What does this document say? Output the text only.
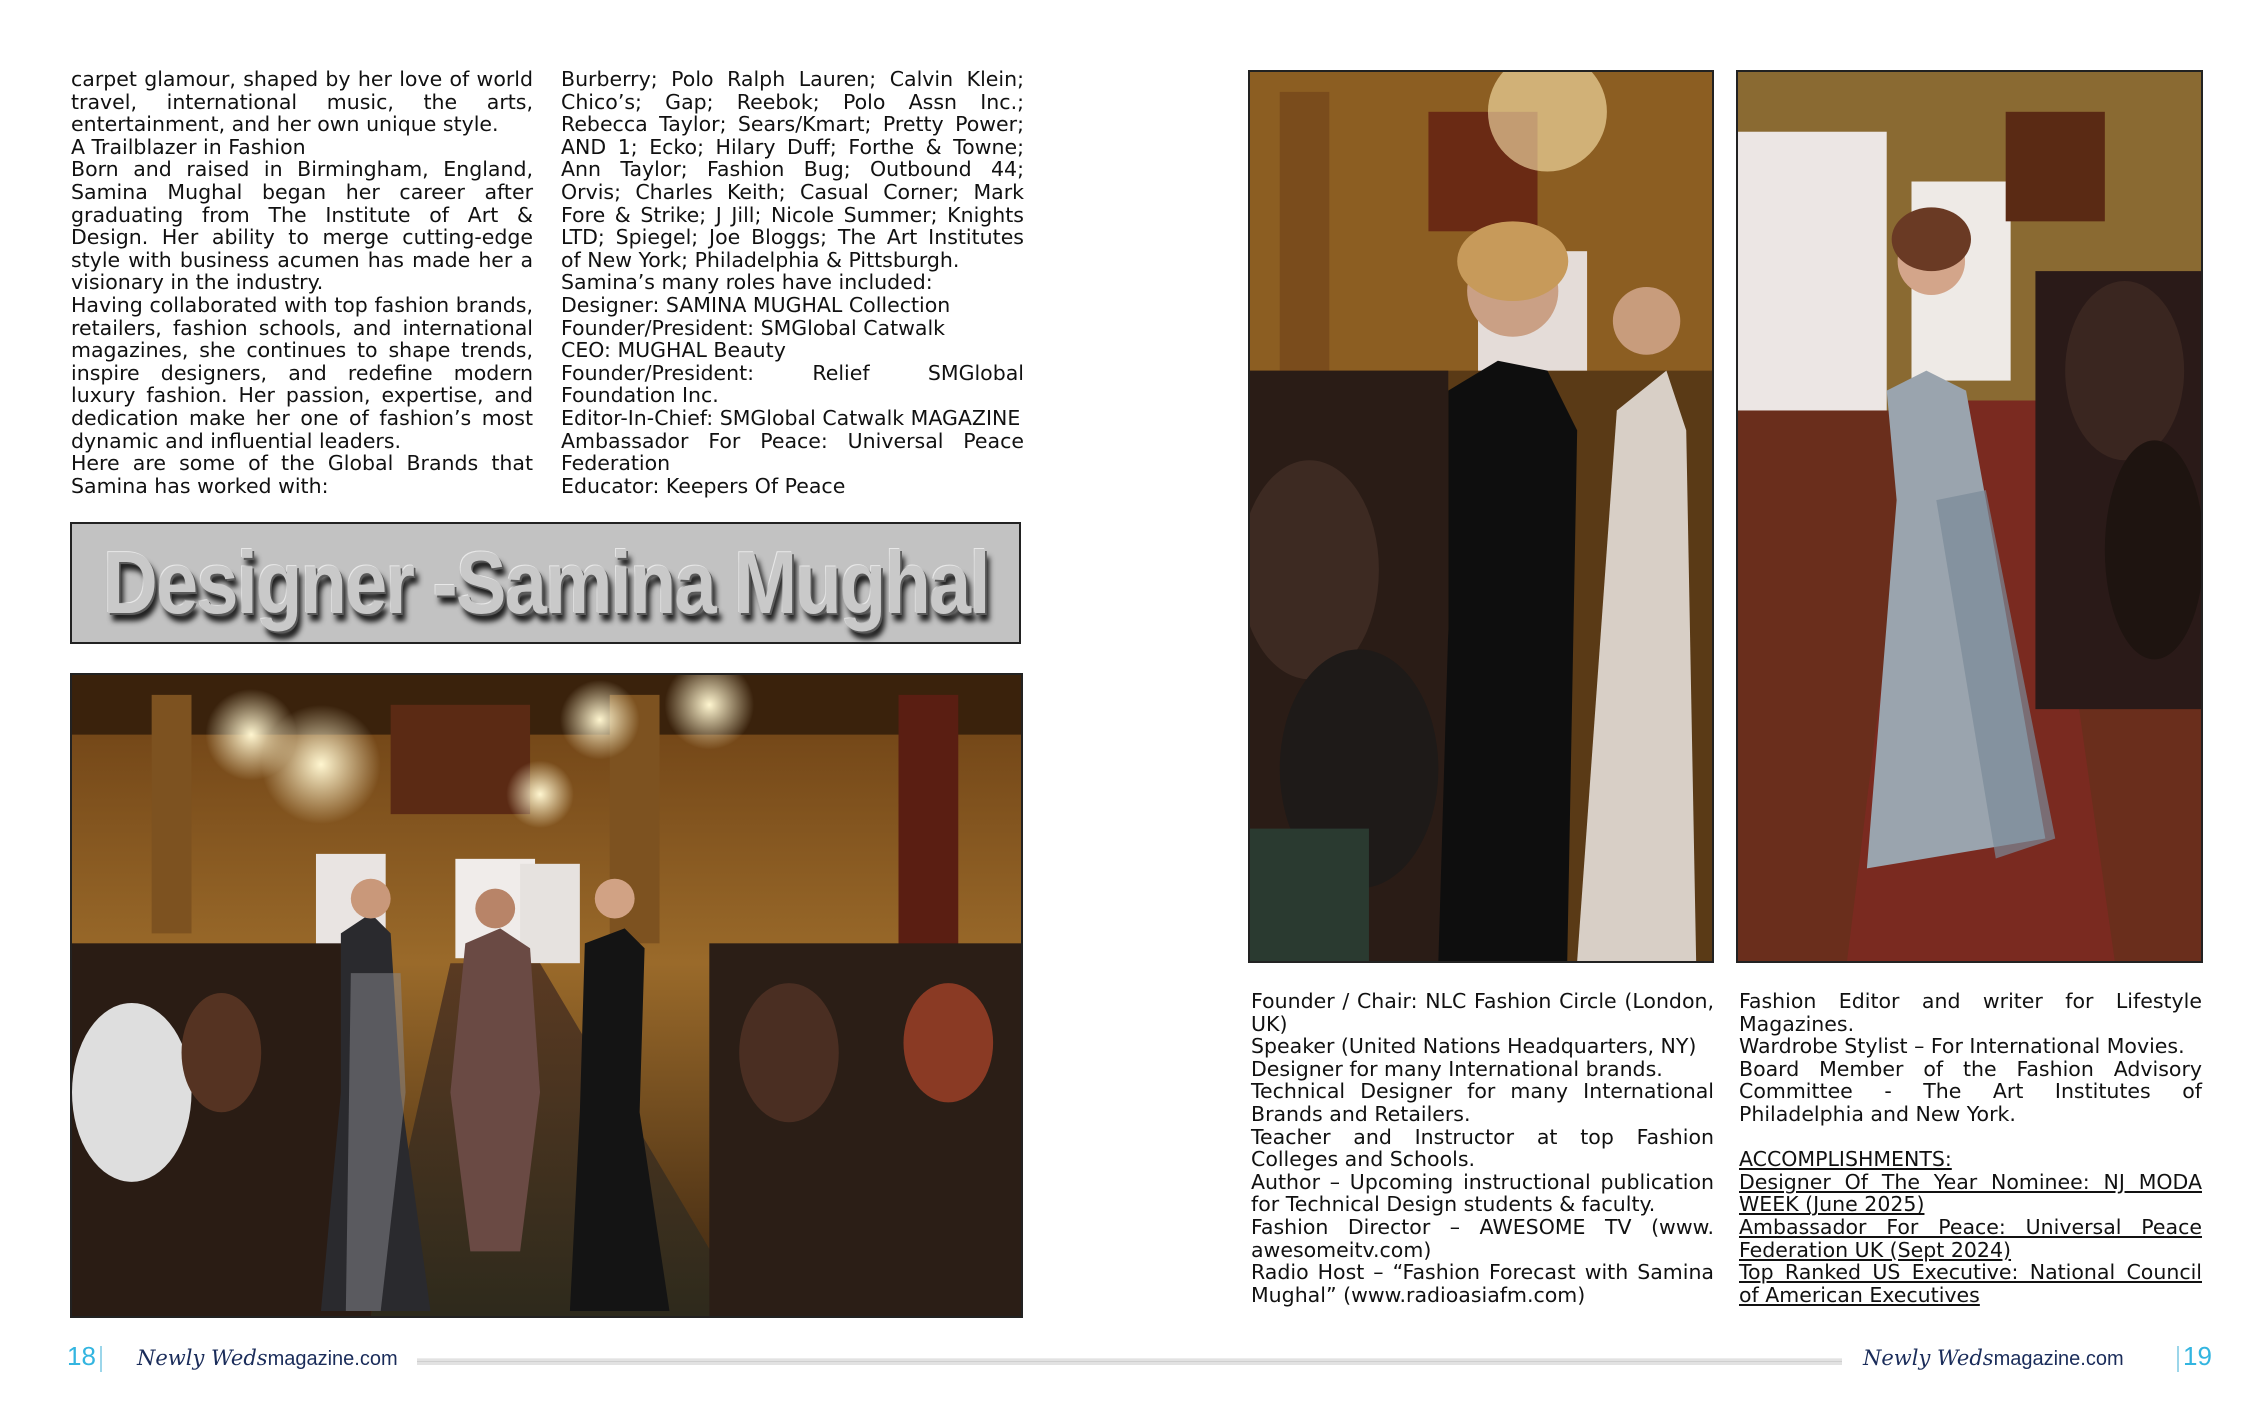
carpet glamour, shaped by her love of world travel, international music, the arts, entertainment, and her own unique style.

A Trailblazer in Fashion

Born and raised in Birmingham, England, Samina Mughal began her career after graduating from The Institute of Art & Design. Her ability to merge cutting-edge style with business acumen has made her a visionary in the industry.

Having collaborated with top fashion brands, retailers, fashion schools, and international magazines, she continues to shape trends, inspire designers, and redefine modern luxury fashion. Her passion, expertise, and dedication make her one of fashion’s most dynamic and influential leaders.

Here are some of the Global Brands that Samina has worked with:

Burberry; Polo Ralph Lauren; Calvin Klein; Chico’s; Gap; Reebok; Polo Assn Inc.; Rebecca Taylor; Sears/Kmart; Pretty Power; AND 1; Ecko; Hilary Duff; Forthe & Towne; Ann Taylor; Fashion Bug; Outbound 44; Orvis; Charles Keith; Casual Corner; Mark Fore & Strike; J Jill; Nicole Summer; Knights LTD; Spiegel; Joe Bloggs; The Art Institutes of New York; Philadelphia & Pittsburgh.

Samina’s many roles have included:

Designer: SAMINA MUGHAL Collection

Founder/President: SMGlobal Catwalk

CEO: MUGHAL Beauty

Founder/President: Relief SMGlobal Foundation Inc.

Editor-In-Chief: SMGlobal Catwalk MAGAZINE

Ambassador For Peace: Universal Peace Federation

Educator: Keepers Of Peace

Designer -Samina Mughal

Founder / Chair: NLC Fashion Circle (London, UK)

Speaker (United Nations Headquarters, NY)

Designer for many International brands.

Technical Designer for many International Brands and Retailers.

Teacher and Instructor at top Fashion Colleges and Schools.

Author – Upcoming instructional publication for Technical Design students & faculty.

Fashion Director – AWESOME TV (www. awesomeitv.com)

Radio Host – “Fashion Forecast with Samina Mughal” (www.radioasiafm.com)

Fashion Editor and writer for Lifestyle Magazines.

Wardrobe Stylist – For International Movies.

Board Member of the Fashion Advisory Committee - The Art Institutes of Philadelphia and New York.

ACCOMPLISHMENTS:

Designer Of The Year Nominee: NJ MODA WEEK (June 2025)

Ambassador For Peace: Universal Peace Federation UK (Sept 2024)

Top Ranked US Executive: National Council of American Executives

18 Newly Wedsmagazine.com	Newly Wedsmagazine.com 19
